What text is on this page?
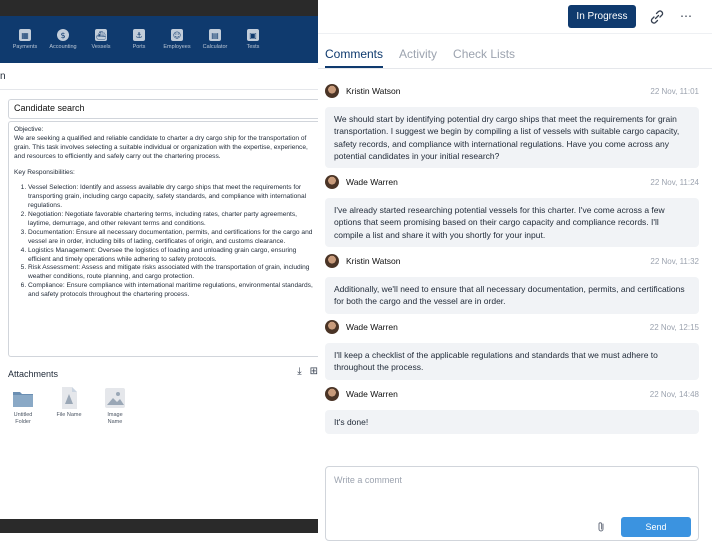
▦
Payments
$
Accounting
⛴
Vessels
⚓
Ports
☺
Employees
▤
Calculator
▣
Tests
n
Candidate search

Objective:

We are seeking a qualified and reliable candidate to charter a dry cargo ship for the transportation of grain. This task involves selecting a suitable individual or organization with the expertise, experience, and resources to efficiently and safely carry out the chartering process.

Key Responsibilities:

1. Vessel Selection: Identify and assess available dry cargo ships that meet the requirements for transporting grain, including cargo capacity, safety standards, and compliance with international regulations.
2. Negotiation: Negotiate favorable chartering terms, including rates, charter party agreements, laytime, demurrage, and other relevant terms and conditions.
3. Documentation: Ensure all necessary documentation, permits, and certifications for the cargo and vessel are in order, including bills of lading, certificates of origin, and customs clearance.
4. Logistics Management: Oversee the logistics of loading and unloading grain cargo, ensuring efficient and timely operations while adhering to safety protocols.
5. Risk Assessment: Assess and mitigate risks associated with the transportation of grain, including weather conditions, route planning, and cargo protection.
6. Compliance: Ensure compliance with international maritime regulations, environmental standards, and safety protocols throughout the chartering process.
Attachments	⤓ ⊞
Untitled Folder
File Name	Image Name
In Progress	⋯
Comments Activity Check Lists
Kristin Watson	22 Nov, 11:01
We should start by identifying potential dry cargo ships that meet the requirements for grain transportation. I suggest we begin by compiling a list of vessels with suitable cargo capacity, safety records, and compliance with international regulations. Have you come across any potential candidates in your initial research?
Wade Warren	22 Nov, 11:24
I've already started researching potential vessels for this charter. I've come across a few options that seem promising based on their cargo capacity and compliance records. I'll compile a list and share it with you shortly for your input.
Kristin Watson	22 Nov, 11:32
Additionally, we'll need to ensure that all necessary documentation, permits, and certifications for both the cargo and the vessel are in order.
Wade Warren	22 Nov, 12:15
I'll keep a checklist of the applicable regulations and standards that we must adhere to throughout the process.
Wade Warren	22 Nov, 14:48
It's done!
Write a comment
Send
